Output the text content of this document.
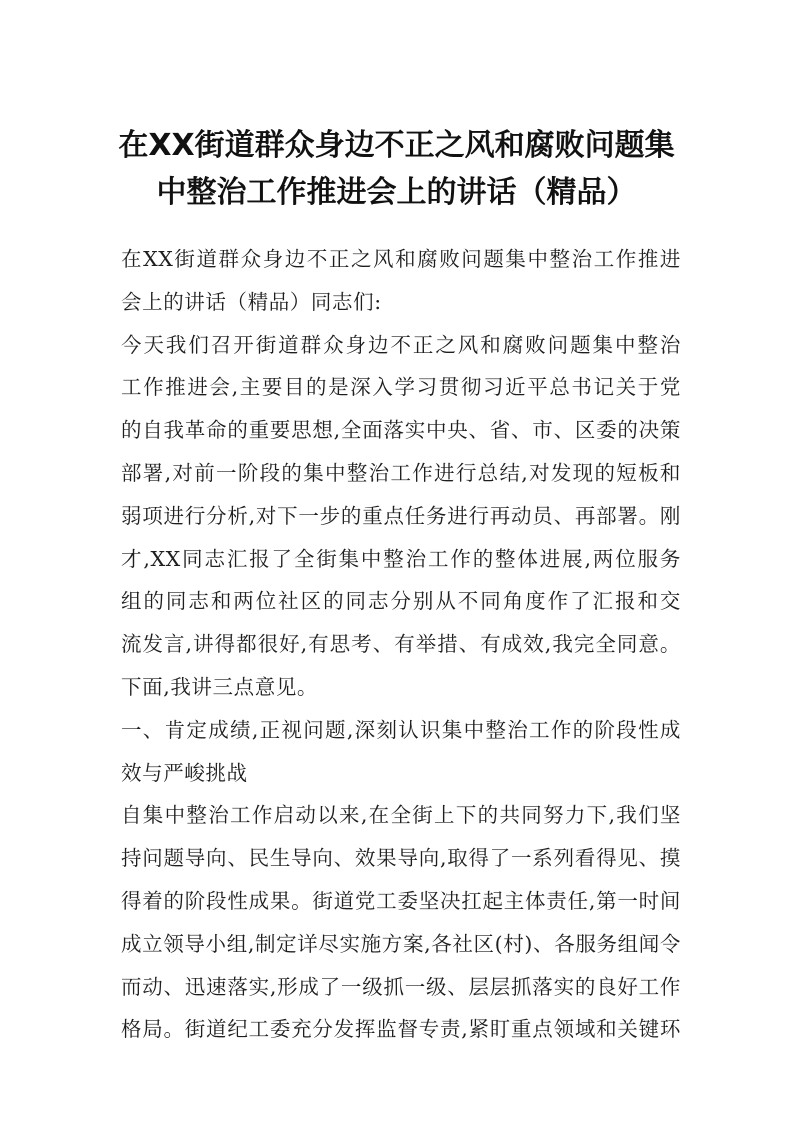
在XX街道群众身边不正之风和腐败问题集
中整治工作推进会上的讲话（精品）
在XX街道群众身边不正之风和腐败问题集中整治工作推进
会上的讲话（精品）同志们:
今天我们召开街道群众身边不正之风和腐败问题集中整治
工作推进会,主要目的是深入学习贯彻习近平总书记关于党
的自我革命的重要思想,全面落实中央、省、市、区委的决策
部署,对前一阶段的集中整治工作进行总结,对发现的短板和
弱项进行分析,对下一步的重点任务进行再动员、再部署。刚
才,XX同志汇报了全街集中整治工作的整体进展,两位服务
组的同志和两位社区的同志分别从不同角度作了汇报和交
流发言,讲得都很好,有思考、有举措、有成效,我完全同意。
下面,我讲三点意见。
一、肯定成绩,正视问题,深刻认识集中整治工作的阶段性成
效与严峻挑战
自集中整治工作启动以来,在全街上下的共同努力下,我们坚
持问题导向、民生导向、效果导向,取得了一系列看得见、摸
得着的阶段性成果。街道党工委坚决扛起主体责任,第一时间
成立领导小组,制定详尽实施方案,各社区(村)、各服务组闻令
而动、迅速落实,形成了一级抓一级、层层抓落实的良好工作
格局。街道纪工委充分发挥监督专责,紧盯重点领域和关键环
